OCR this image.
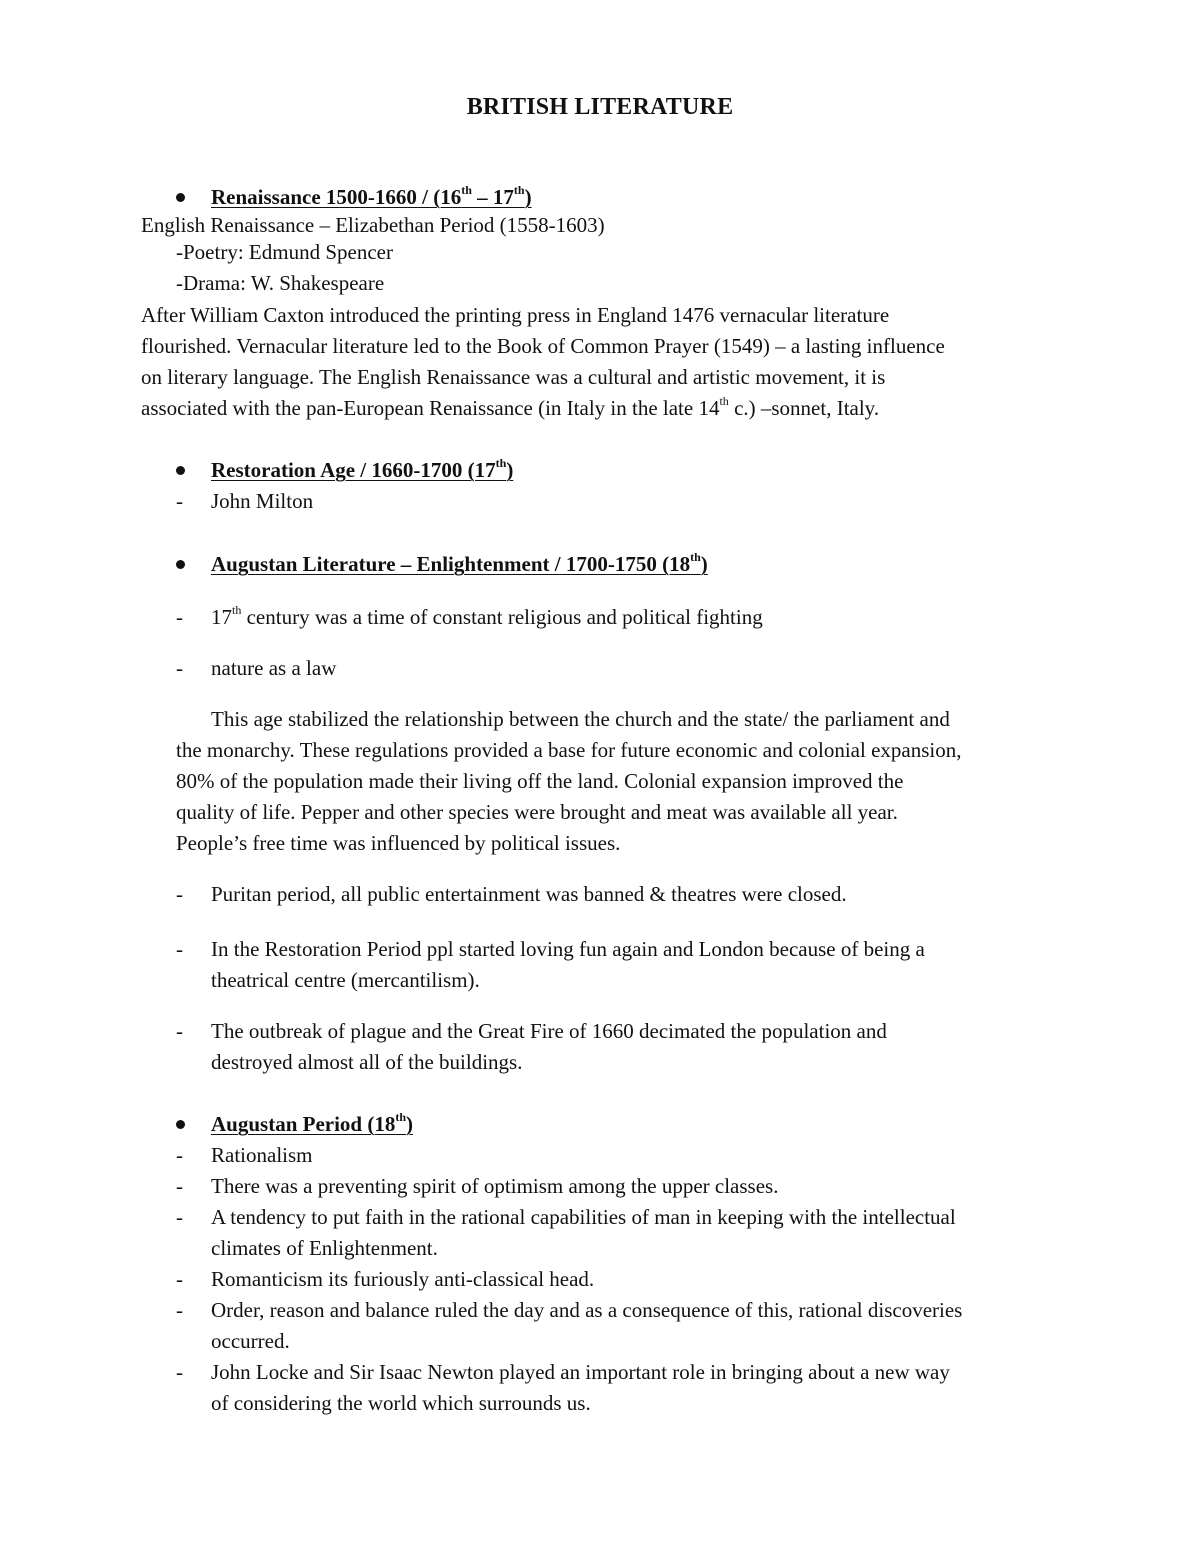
BRITISH LITERATURE
Renaissance 1500-1660 / (16th – 17th)
English Renaissance – Elizabethan Period (1558-1603)
-Poetry: Edmund Spencer
-Drama: W. Shakespeare
After William Caxton introduced the printing press in England 1476 vernacular literature
flourished. Vernacular literature led to the Book of Common Prayer (1549) – a lasting influence
on literary language. The English Renaissance was a cultural and artistic movement, it is
associated with the pan-European Renaissance (in Italy in the late 14th c.) –sonnet, Italy.
Restoration Age / 1660-1700 (17th)
- John Milton
Augustan Literature – Enlightenment / 1700-1750 (18th)
- 17th century was a time of constant religious and political fighting
- nature as a law
This age stabilized the relationship between the church and the state/ the parliament and
the monarchy. These regulations provided a base for future economic and colonial expansion,
80% of the population made their living off the land. Colonial expansion improved the
quality of life. Pepper and other species were brought and meat was available all year.
People’s free time was influenced by political issues.
- Puritan period, all public entertainment was banned & theatres were closed.
- In the Restoration Period ppl started loving fun again and London because of being a
theatrical centre (mercantilism).
- The outbreak of plague and the Great Fire of 1660 decimated the population and
destroyed almost all of the buildings.
Augustan Period (18th)
- Rationalism
- There was a preventing spirit of optimism among the upper classes.
- A tendency to put faith in the rational capabilities of man in keeping with the intellectual
climates of Enlightenment.
- Romanticism its furiously anti-classical head.
- Order, reason and balance ruled the day and as a consequence of this, rational discoveries
occurred.
- John Locke and Sir Isaac Newton played an important role in bringing about a new way
of considering the world which surrounds us.
